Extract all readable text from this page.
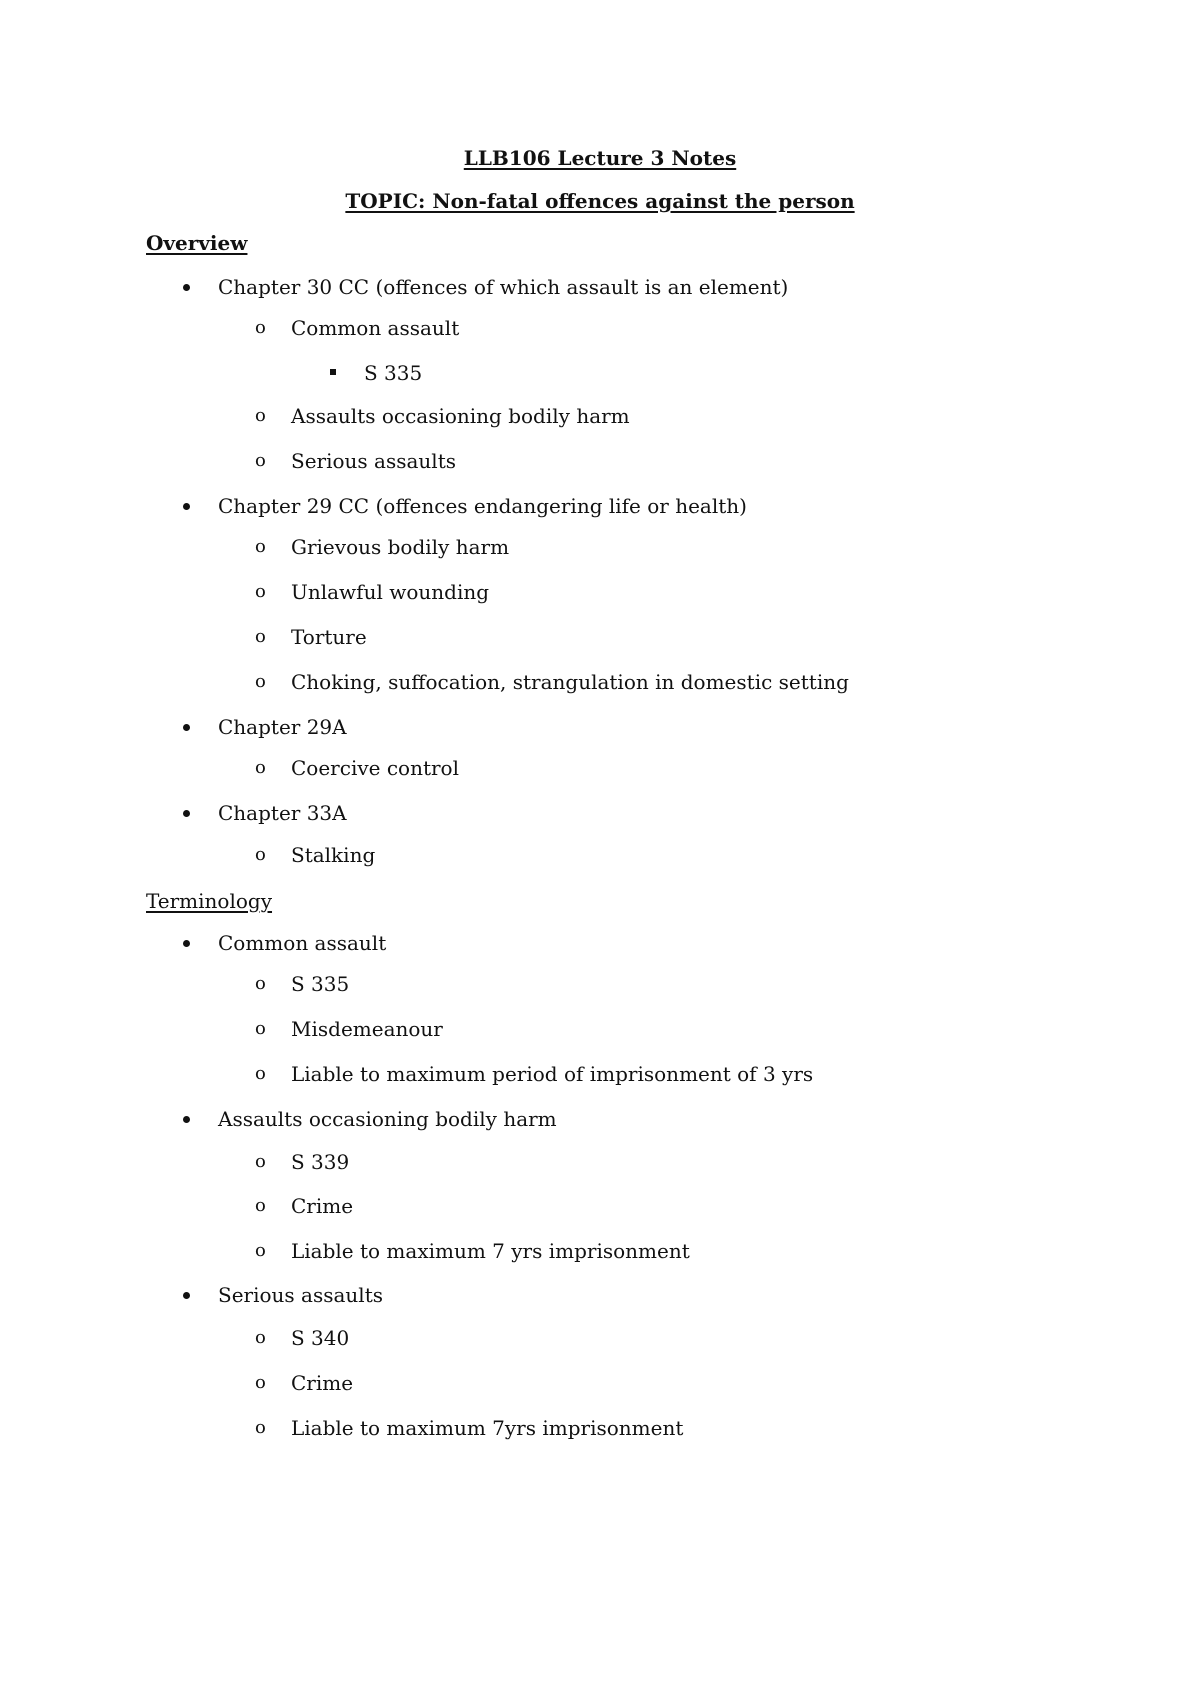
LLB106 Lecture 3 Notes
TOPIC: Non-fatal offences against the person
Overview
Chapter 30 CC (offences of which assault is an element)
o Common assault
S 335
o Assaults occasioning bodily harm
o Serious assaults
Chapter 29 CC (offences endangering life or health)
o Grievous bodily harm
o Unlawful wounding
o Torture
o Choking, suffocation, strangulation in domestic setting
Chapter 29A
o Coercive control
Chapter 33A
o Stalking
Terminology
Common assault
o S 335
o Misdemeanour
o Liable to maximum period of imprisonment of 3 yrs
Assaults occasioning bodily harm
o S 339
o Crime
o Liable to maximum 7 yrs imprisonment
Serious assaults
o S 340
o Crime
o Liable to maximum 7yrs imprisonment
